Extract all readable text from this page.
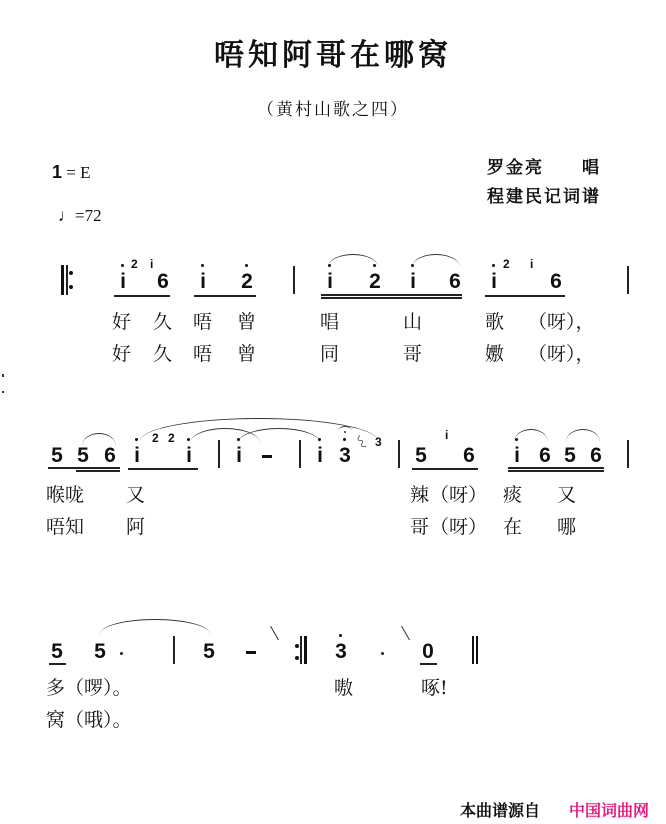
唔知阿哥在哪窝
（黄村山歌之四）
1 = E
♩=72
罗金亮　　唱
程建民记词谱
i
2 i
6 i 2	i 2 i 6 i
2 i
6
好 久 唔 曾	唱	山	歌 （呀），
好 久 唔 曾	同	哥	嫐 （呀），
5 5 6 i
2 2
i i	i 3
〰 3
5
i
6 i 6 5 6
喉咙 又	辣 （呀） 痰 又
唔知 阿	哥 （呀） 在 哪
5 5	5	3	0
多（啰）。	嗷	啄!
窝（哦）。
本曲谱源自 中国词曲网
